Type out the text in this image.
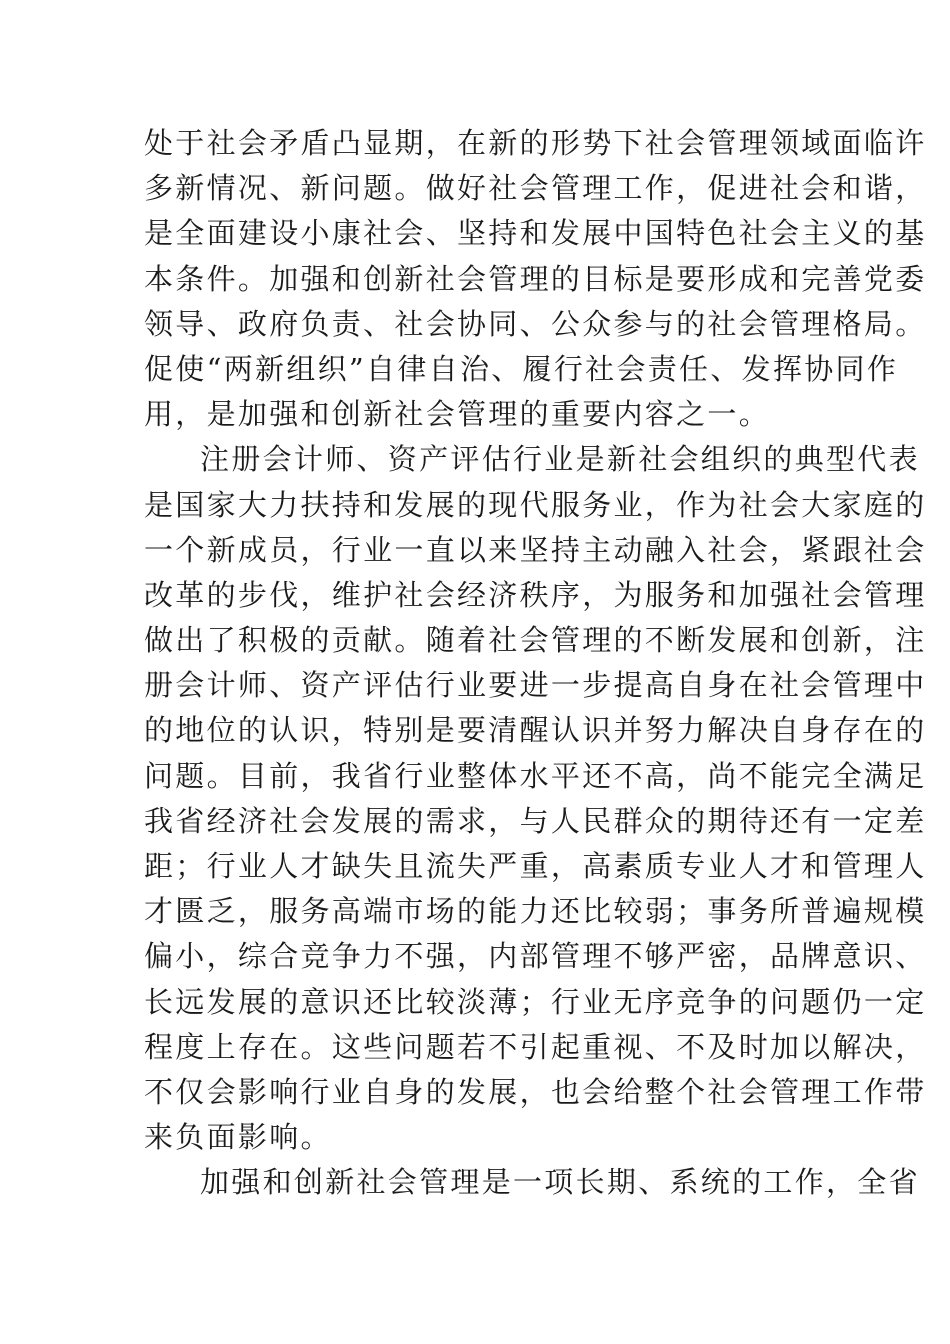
处于社会矛盾凸显期，在新的形势下社会管理领域面临许
多新情况、新问题。做好社会管理工作，促进社会和谐，
是全面建设小康社会、坚持和发展中国特色社会主义的基
本条件。加强和创新社会管理的目标是要形成和完善党委
领导、政府负责、社会协同、公众参与的社会管理格局。
促使“两新组织”自律自治、履行社会责任、发挥协同作
用，是加强和创新社会管理的重要内容之一。
注册会计师、资产评估行业是新社会组织的典型代表
是国家大力扶持和发展的现代服务业，作为社会大家庭的
一个新成员，行业一直以来坚持主动融入社会，紧跟社会
改革的步伐，维护社会经济秩序，为服务和加强社会管理
做出了积极的贡献。随着社会管理的不断发展和创新，注
册会计师、资产评估行业要进一步提高自身在社会管理中
的地位的认识，特别是要清醒认识并努力解决自身存在的
问题。目前，我省行业整体水平还不高，尚不能完全满足
我省经济社会发展的需求，与人民群众的期待还有一定差
距；行业人才缺失且流失严重，高素质专业人才和管理人
才匮乏，服务高端市场的能力还比较弱；事务所普遍规模
偏小，综合竞争力不强，内部管理不够严密，品牌意识、
长远发展的意识还比较淡薄；行业无序竞争的问题仍一定
程度上存在。这些问题若不引起重视、不及时加以解决，
不仅会影响行业自身的发展，也会给整个社会管理工作带
来负面影响。
加强和创新社会管理是一项长期、系统的工作，全省
